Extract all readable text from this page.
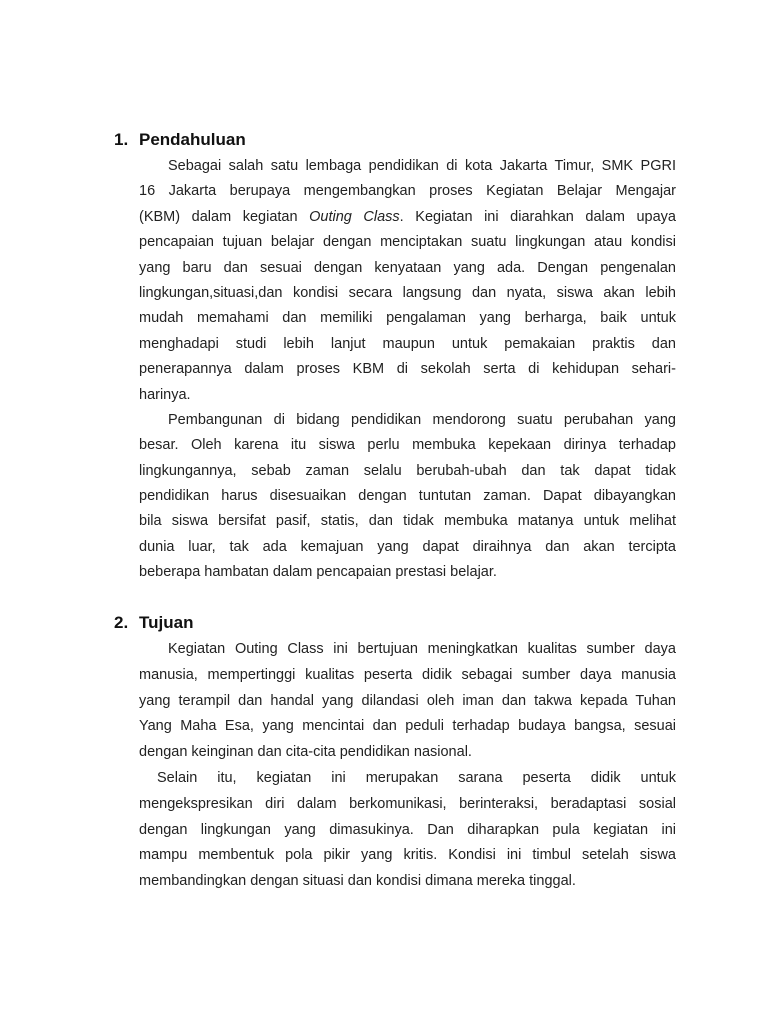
1. Pendahuluan
Sebagai salah satu lembaga pendidikan di kota Jakarta Timur, SMK PGRI
16 Jakarta berupaya mengembangkan proses Kegiatan Belajar Mengajar
(KBM) dalam kegiatan Outing Class. Kegiatan ini diarahkan dalam upaya
pencapaian tujuan belajar dengan menciptakan suatu lingkungan atau kondisi
yang baru dan sesuai dengan kenyataan yang ada. Dengan pengenalan
lingkungan,situasi,dan kondisi secara langsung dan nyata, siswa akan lebih
mudah memahami dan memiliki pengalaman yang berharga, baik untuk
menghadapi studi lebih lanjut maupun untuk pemakaian praktis dan
penerapannya dalam proses KBM di sekolah serta di kehidupan sehari-
harinya.
Pembangunan di bidang pendidikan mendorong suatu perubahan yang
besar. Oleh karena itu siswa perlu membuka kepekaan dirinya terhadap
lingkungannya, sebab zaman selalu berubah-ubah dan tak dapat tidak
pendidikan harus disesuaikan dengan tuntutan zaman. Dapat dibayangkan
bila siswa bersifat pasif, statis, dan tidak membuka matanya untuk melihat
dunia luar, tak ada kemajuan yang dapat diraihnya dan akan tercipta
beberapa hambatan dalam pencapaian prestasi belajar.
2. Tujuan
Kegiatan Outing Class ini bertujuan meningkatkan kualitas sumber daya
manusia, mempertinggi kualitas peserta didik sebagai sumber daya manusia
yang terampil dan handal yang dilandasi oleh iman dan takwa kepada Tuhan
Yang Maha Esa, yang mencintai dan peduli terhadap budaya bangsa, sesuai
dengan keinginan dan cita-cita pendidikan nasional.
Selain itu, kegiatan ini merupakan sarana peserta didik untuk
mengekspresikan diri dalam berkomunikasi, berinteraksi, beradaptasi sosial
dengan lingkungan yang dimasukinya. Dan diharapkan pula kegiatan ini
mampu membentuk pola pikir yang kritis. Kondisi ini timbul setelah siswa
membandingkan dengan situasi dan kondisi dimana mereka tinggal.
